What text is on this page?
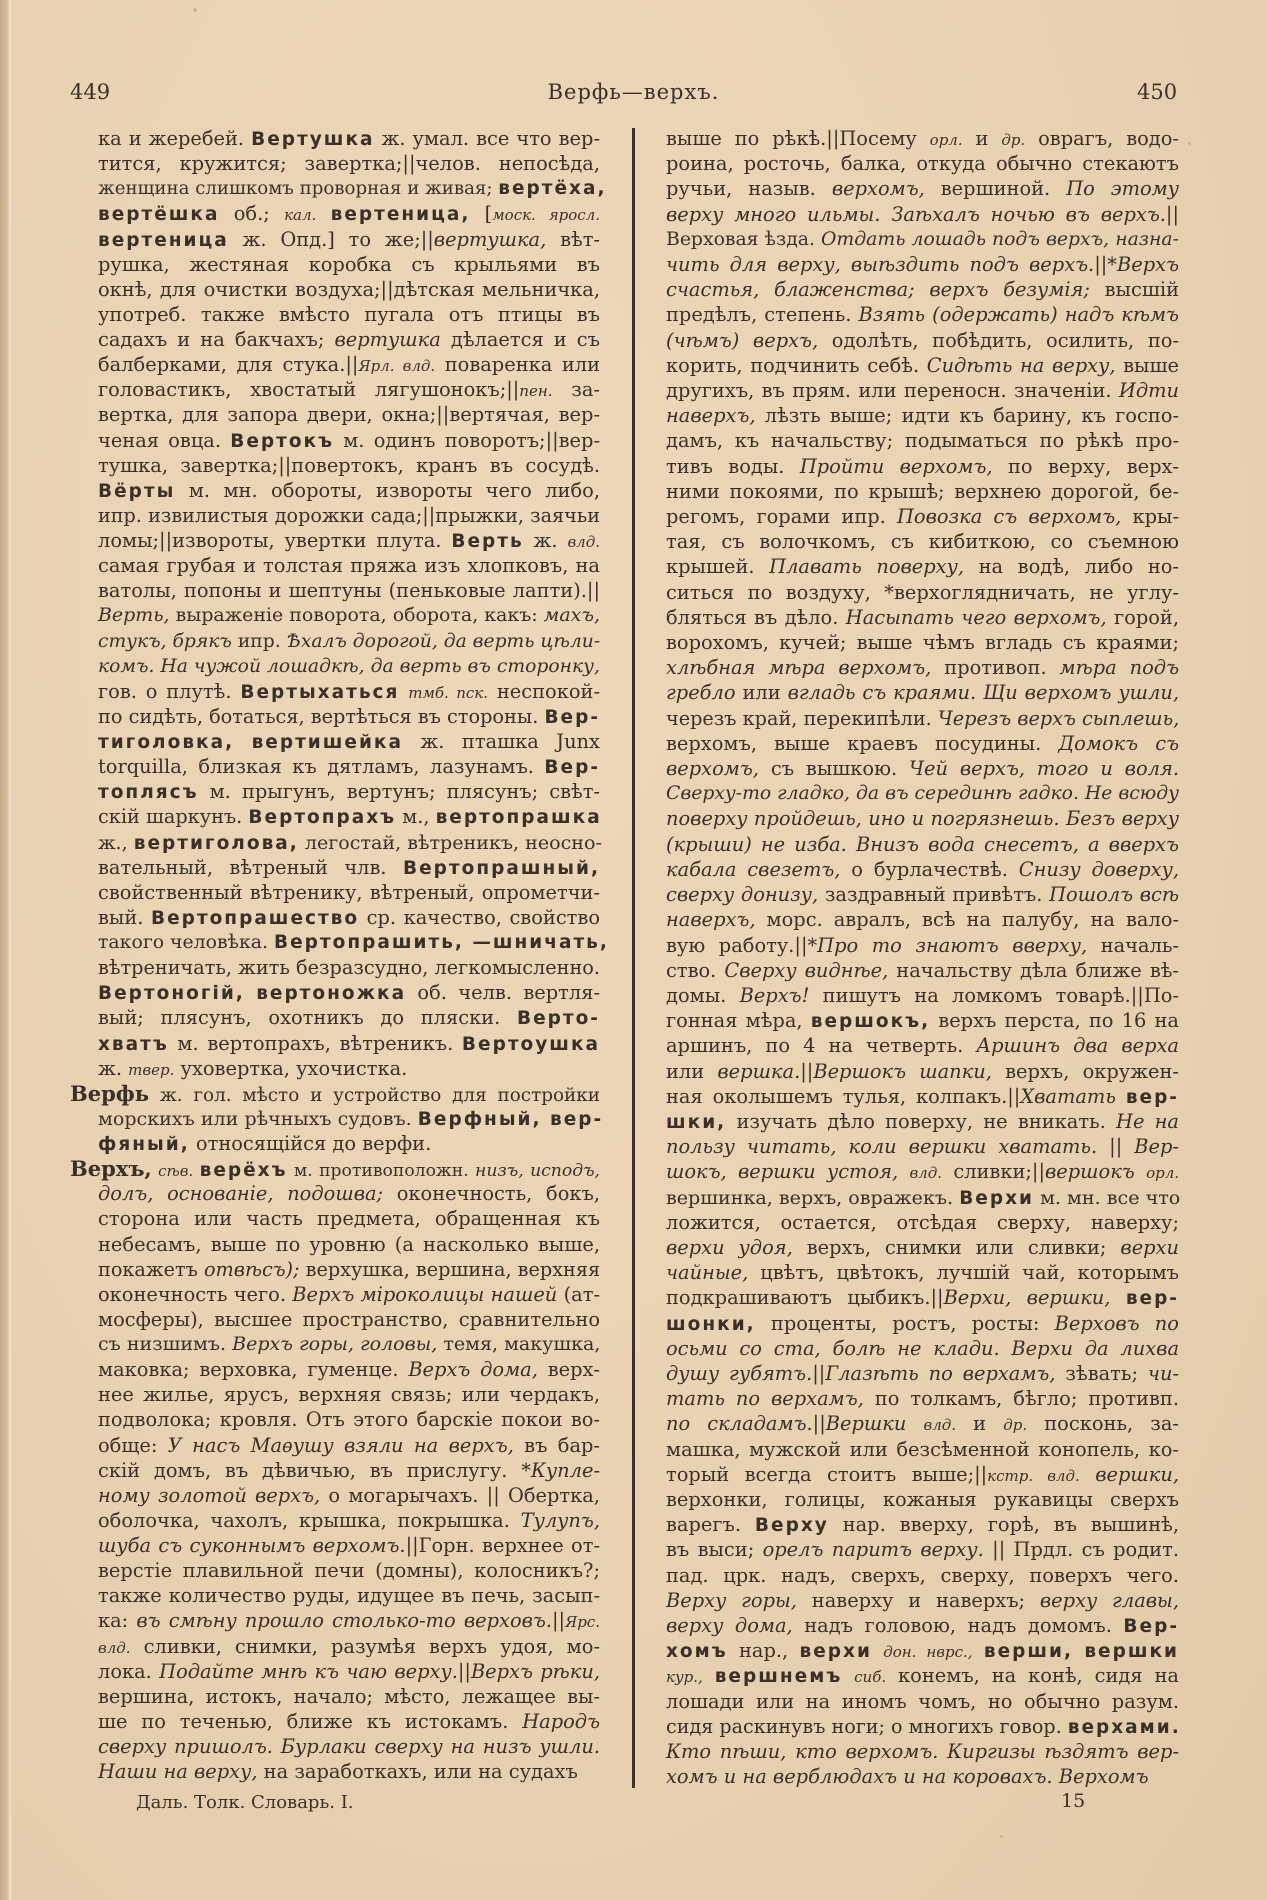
449	Верфь—верхъ.	450
ка и жеребей. Вертушка ж. умал. все что вер-
тится, кружится; завертка;||челов. непосѣда,
женщина слишкомъ проворная и живая; вертёха,
вертёшка об.; кал. вертеница, [моск. яросл.
вертеница ж. Опд.] то же;||вертушка, вѣт-
рушка, жестяная коробка съ крыльями въ
окнѣ, для очистки воздуха;||дѣтская мельничка,
употреб. также вмѣсто пугала отъ птицы въ
садахъ и на бакчахъ; вертушка дѣлается и съ
балберками, для стука.||Ярл. влд. поваренка или
головастикъ, хвостатый лягушонокъ;||пен. за-
вертка, для запора двери, окна;||вертячая, вер-
ченая овца. Вертокъ м. одинъ поворотъ;||вер-
тушка, завертка;||повертокъ, кранъ въ сосудѣ.
Вёрты м. мн. обороты, извороты чего либо,
ипр. извилистыя дорожки сада;||прыжки, заячьи
ломы;||извороты, увертки плута. Верть ж. влд.
самая грубая и толстая пряжа изъ хлопковъ, на
ватолы, попоны и шептуны (пеньковые лапти).||
Верть, выраженіе поворота, оборота, какъ: махъ,
стукъ, брякъ ипр. Ѣхалъ дорогой, да верть цѣли-
комъ. На чужой лошадкѣ, да верть въ сторонку,
гов. о плутѣ. Вертыхаться тмб. пск. неспокой-
по сидѣть, ботаться, вертѣться въ стороны. Вер-
тиголовка, вертишейка ж. пташка Junx
torquilla, близкая къ дятламъ, лазунамъ. Вер-
топлясъ м. прыгунъ, вертунъ; плясунъ; свѣт-
скій шаркунъ. Вертопрахъ м., вертопрашка
ж., вертиголова, легостай, вѣтреникъ, неосно-
вательный, вѣтреный члв. Вертопрашный,
свойственный вѣтренику, вѣтреный, опрометчи-
вый. Вертопрашество ср. качество, свойство
такого человѣка. Вертопрашить, —шничать,
вѣтреничать, жить безразсудно, легкомысленно.
Вертоногій, вертоножка об. челв. вертля-
вый; плясунъ, охотникъ до пляски. Верто-
хватъ м. вертопрахъ, вѣтреникъ. Вертоушка
ж. твер. уховертка, ухочистка.
Верфь ж. гол. мѣсто и устройство для постройки
морскихъ или рѣчныхъ судовъ. Верфный, вер-
фяный, относящійся до верфи.
Верхъ, сѣв. верёхъ м. противоположн. низъ, исподъ,
долъ, основаніе, подошва; оконечность, бокъ,
сторона или часть предмета, обращенная къ
небесамъ, выше по уровню (а насколько выше,
покажетъ отвѣсъ); верхушка, вершина, верхняя
оконечность чего. Верхъ міроколицы нашей (ат-
мосферы), высшее пространство, сравнительно
съ низшимъ. Верхъ горы, головы, темя, макушка,
маковка; верховка, гуменце. Верхъ дома, верх-
нее жилье, ярусъ, верхняя связь; или чердакъ,
подволока; кровля. Отъ этого барскіе покои во-
обще: У насъ Маѳушу взяли на верхъ, въ бар-
скій домъ, въ дѣвичью, въ прислугу. *Купле-
ному золотой верхъ, о могарычахъ. || Обертка,
оболочка, чахолъ, крышка, покрышка. Тулупъ,
шуба съ суконнымъ верхомъ.||Горн. верхнее от-
верстіе плавильной печи (домны), колосникъ?;
также количество руды, идущее въ печь, засып-
ка: въ смѣну прошло столько-то верховъ.||Ярс.
влд. сливки, снимки, разумѣя верхъ удоя, мо-
лока. Подайте мнѣ къ чаю верху.||Верхъ рѣки,
вершина, истокъ, начало; мѣсто, лежащее вы-
ше по теченью, ближе къ истокамъ. Народъ
сверху пришолъ. Бурлаки сверху на низъ ушли.
Наши на верху, на заработкахъ, или на судахъ
выше по рѣкѣ.||Посему орл. и др. оврагъ, водо-
роина, росточь, балка, откуда обычно стекаютъ
ручьи, назыв. верхомъ, вершиной. По этому
верху много ильмы. Заѣхалъ ночью въ верхъ.||
Верховая ѣзда. Отдать лошадь подъ верхъ, назна-
чить для верху, выѣздить подъ верхъ.||*Верхъ
счастья, блаженства; верхъ безумія; высшій
предѣлъ, степень. Взять (одержать) надъ кѣмъ
(чѣмъ) верхъ, одолѣть, побѣдить, осилить, по-
корить, подчинить себѣ. Сидѣть на верху, выше
другихъ, въ прям. или переносн. значеніи. Идти
наверхъ, лѣзть выше; идти къ барину, къ госпо-
дамъ, къ начальству; подыматься по рѣкѣ про-
тивъ воды. Пройти верхомъ, по верху, верх-
ними покоями, по крышѣ; верхнею дорогой, бе-
регомъ, горами ипр. Повозка съ верхомъ, кры-
тая, съ волочкомъ, съ кибиткою, со съемною
крышей. Плавать поверху, на водѣ, либо но-
ситься по воздуху, *верхоглядничать, не углу-
бляться въ дѣло. Насыпать чего верхомъ, горой,
ворохомъ, кучей; выше чѣмъ вгладь съ краями;
хлѣбная мѣра верхомъ, противоп. мѣра подъ
гребло или вгладь съ краями. Щи верхомъ ушли,
черезъ край, перекипѣли. Черезъ верхъ сыплешь,
верхомъ, выше краевъ посудины. Домокъ съ
верхомъ, съ вышкою. Чей верхъ, того и воля.
Сверху-то гладко, да въ серединѣ гадко. Не всюду
поверху пройдешь, ино и погрязнешь. Безъ верху
(крыши) не изба. Внизъ вода снесетъ, а вверхъ
кабала свезетъ, о бурлачествѣ. Снизу доверху,
сверху донизу, заздравный привѣтъ. Пошолъ всѣ
наверхъ, морс. авралъ, всѣ на палубу, на вало-
вую работу.||*Про то знаютъ вверху, началь-
ство. Сверху виднѣе, начальству дѣла ближе вѣ-
домы. Верхъ! пишутъ на ломкомъ товарѣ.||По-
гонная мѣра, вершокъ, верхъ перста, по 16 на
аршинъ, по 4 на четверть. Аршинъ два верха
или вершка.||Вершокъ шапки, верхъ, окружен-
ная околышемъ тулья, колпакъ.||Хватать вер-
шки, изучать дѣло поверху, не вникать. Не на
пользу читать, коли вершки хватать. || Вер-
шокъ, вершки устоя, влд. сливки;||вершокъ орл.
вершинка, верхъ, овражекъ. Верхи м. мн. все что
ложится, остается, отсѣдая сверху, наверху;
верхи удоя, верхъ, снимки или сливки; верхи
чайные, цвѣтъ, цвѣтокъ, лучшій чай, которымъ
подкрашиваютъ цыбикъ.||Верхи, вершки, вер-
шонки, проценты, ростъ, росты: Верховъ по
осьми со ста, болѣ не клади. Верхи да лихва
душу губятъ.||Глазѣть по верхамъ, зѣвать; чи-
тать по верхамъ, по толкамъ, бѣгло; противп.
по складамъ.||Вершки влд. и др. посконь, за-
машка, мужской или безсѣменной конопель, ко-
торый всегда стоитъ выше;||кстр. влд. вершки,
верхонки, голицы, кожаныя рукавицы сверхъ
варегъ. Верху нар. вверху, горѣ, въ вышинѣ,
въ выси; орелъ паритъ верху. || Прдл. съ родит.
пад. црк. надъ, сверхъ, сверху, поверхъ чего.
Верху горы, наверху и наверхъ; верху главы,
верху дома, надъ головою, надъ домомъ. Вер-
хомъ нар., верхи дон. нврс., верши, вершки
кур., вершнемъ сиб. конемъ, на конѣ, сидя на
лошади или на иномъ чомъ, но обычно разум.
сидя раскинувъ ноги; о многихъ говор. верхами.
Кто пѣши, кто верхомъ. Киргизы ѣздятъ вер-
хомъ и на верблюдахъ и на коровахъ. Верхомъ
Даль. Толк. Словарь. I.	15
